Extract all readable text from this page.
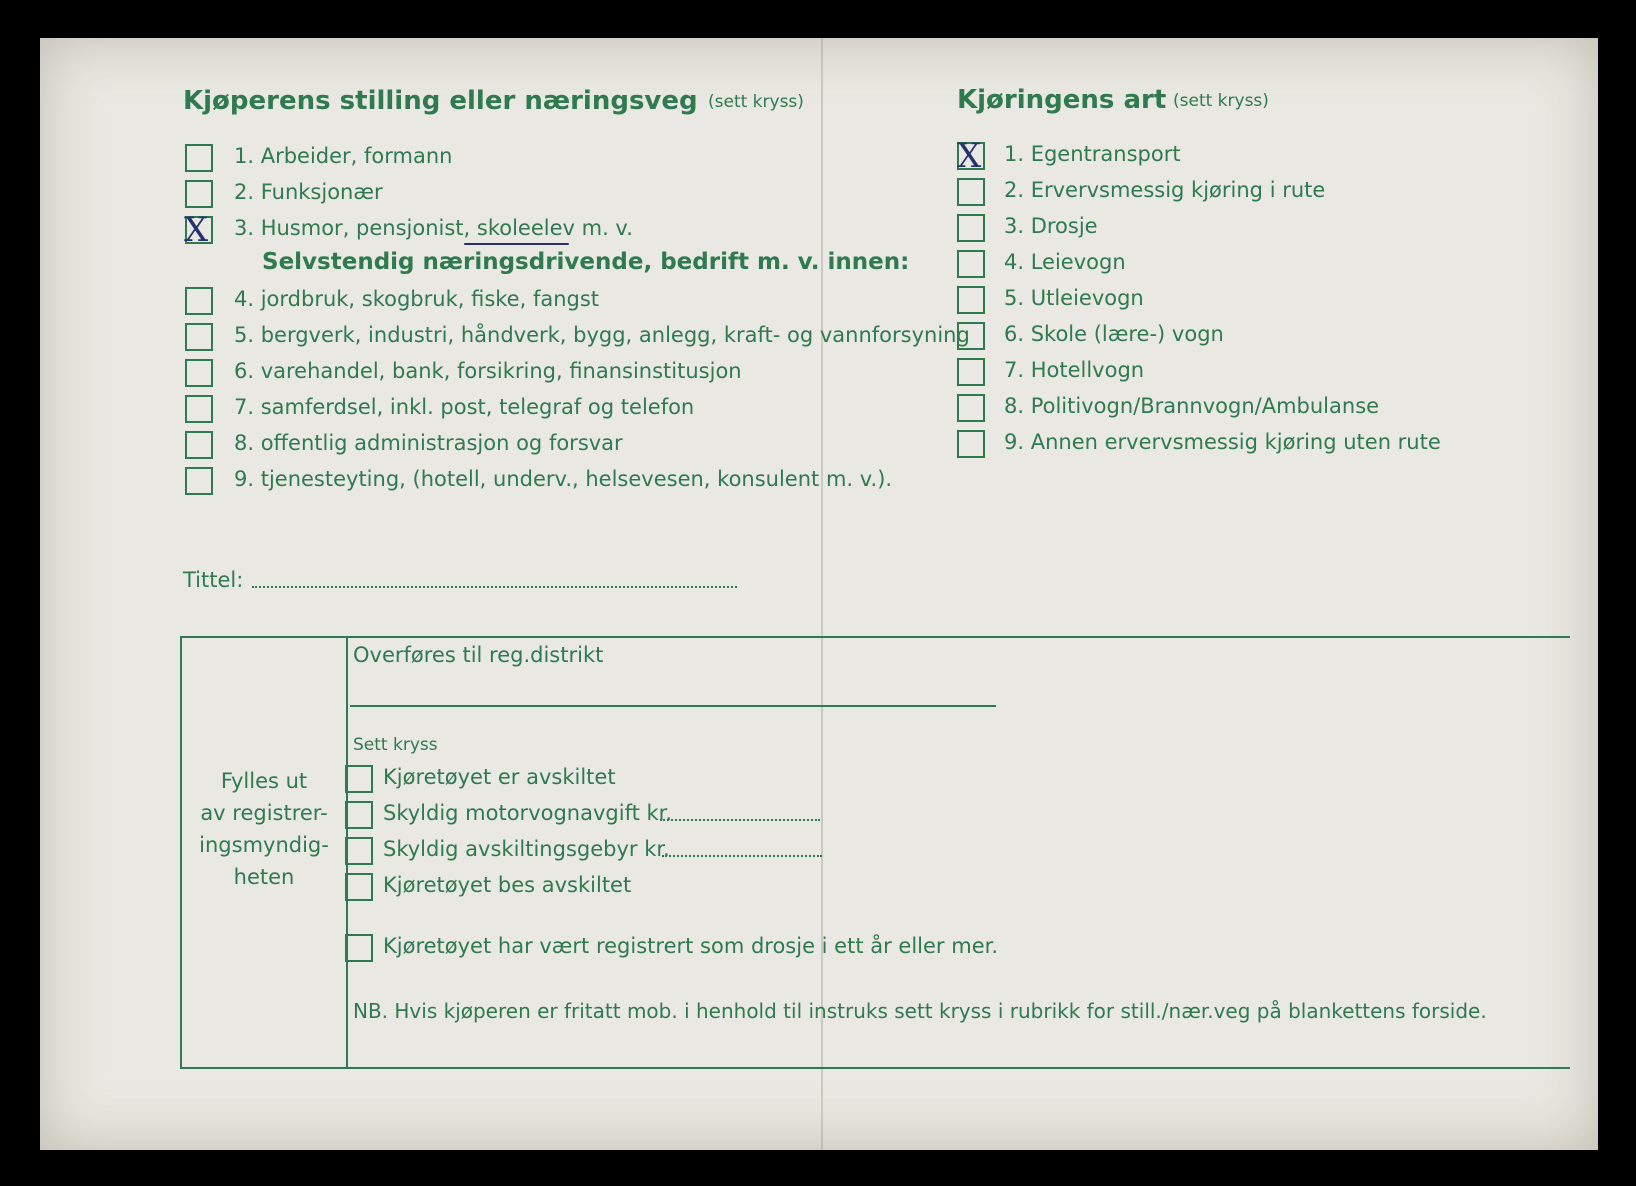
Kjøperens stilling eller næringsveg (sett kryss)
1. Arbeider, formann
2. Funksjonær
X 3. Husmor, pensjonist, skoleelev m. v.
Selvstendig næringsdrivende, bedrift m. v. innen:
4. jordbruk, skogbruk, fiske, fangst
5. bergverk, industri, håndverk, bygg, anlegg, kraft- og vannforsyning
6. varehandel, bank, forsikring, finansinstitusjon
7. samferdsel, inkl. post, telegraf og telefon
8. offentlig administrasjon og forsvar
9. tjenesteyting, (hotell, underv., helsevesen, konsulent m. v.).
Kjøringens art (sett kryss)
X 1. Egentransport
2. Ervervsmessig kjøring i rute
3. Drosje
4. Leievogn
5. Utleievogn
6. Skole (lære-) vogn
7. Hotellvogn
8. Politivogn/Brannvogn/Ambulanse
9. Annen ervervsmessig kjøring uten rute
Tittel:
Fylles ut
av registrer-
ingsmyndig-
heten
Overføres til reg.distrikt
Sett kryss
Kjøretøyet er avskiltet
Skyldig motorvognavgift kr.
Skyldig avskiltingsgebyr kr.
Kjøretøyet bes avskiltet
Kjøretøyet har vært registrert som drosje i ett år eller mer.
NB. Hvis kjøperen er fritatt mob. i henhold til instruks sett kryss i rubrikk for still./nær.veg på blankettens forside.
